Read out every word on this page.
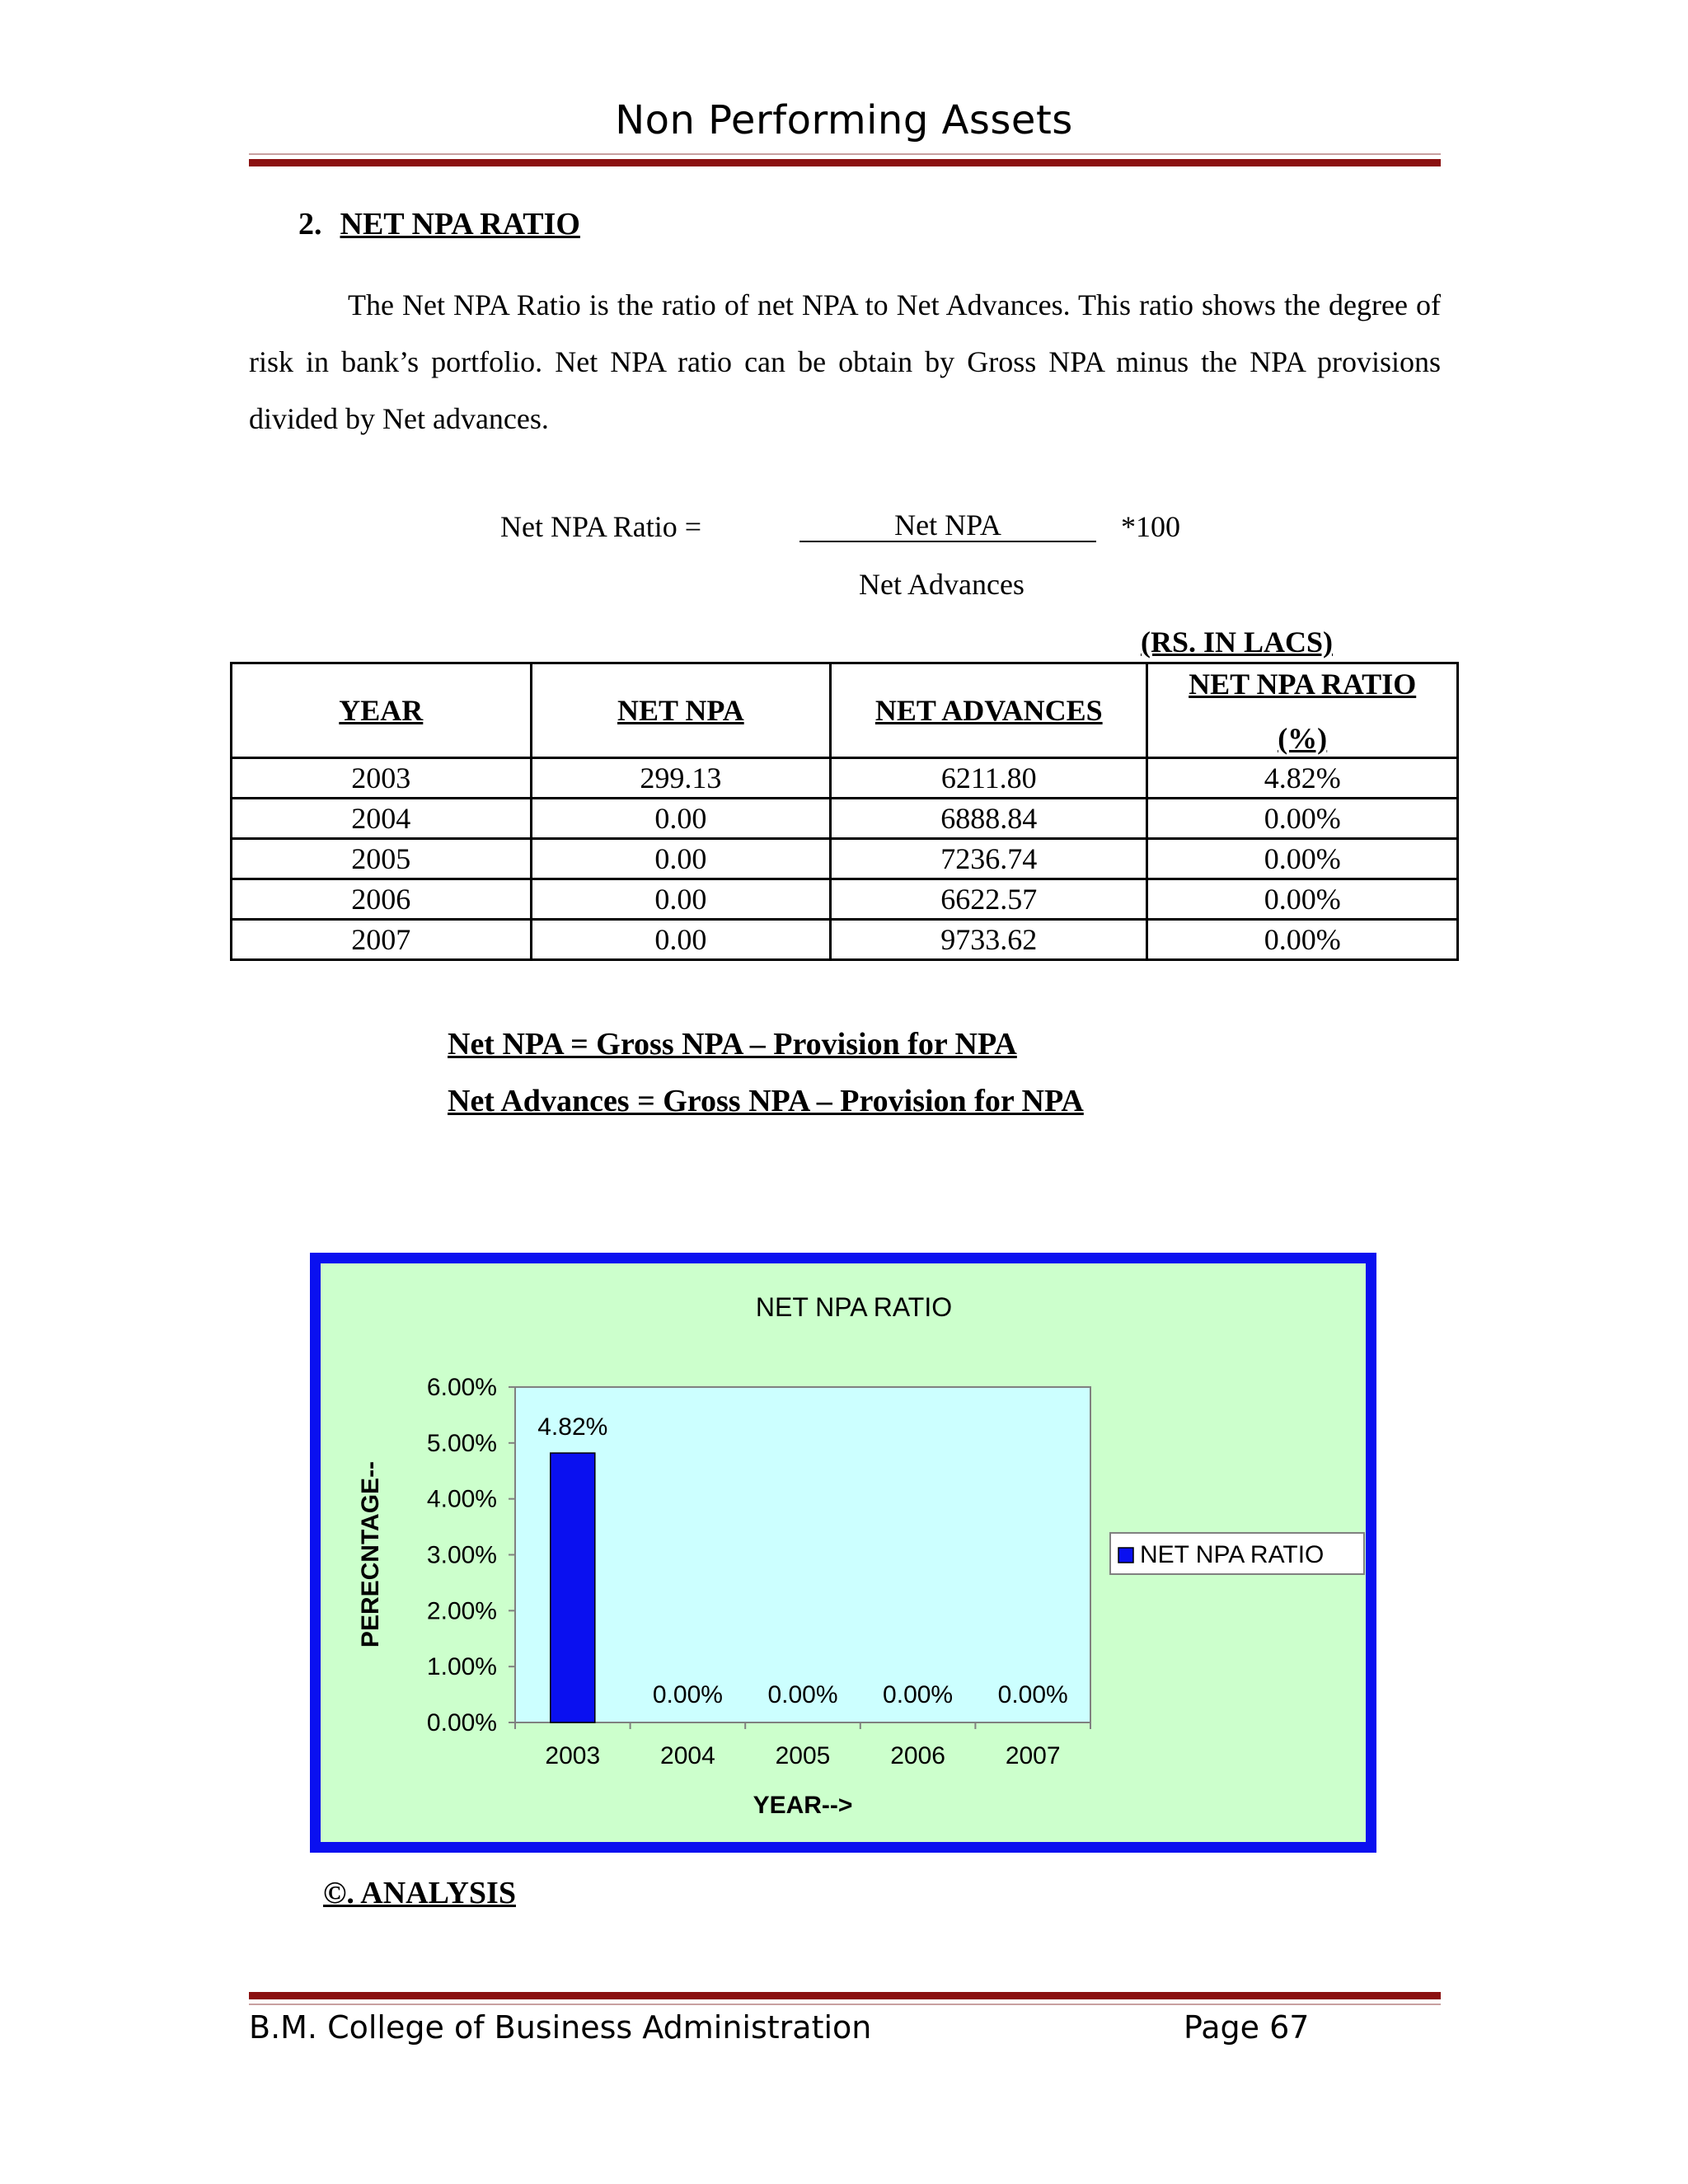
Non Performing Assets
2. NET NPA RATIO

The Net NPA Ratio is the ratio of net NPA to Net Advances. This ratio shows the degree of risk in bank’s portfolio. Net NPA ratio can be obtain by Gross NPA minus the NPA provisions divided by Net advances.

Net NPA Ratio =	Net NPA	*100
Net Advances
(RS. IN LACS)
YEAR	NET NPA	NET ADVANCES	NET NPA RATIO
(%)

2003	299.13	6211.80	4.82%
2004	0.00	6888.84	0.00%
2005	0.00	7236.74	0.00%
2006	0.00	6622.57	0.00%
2007	0.00	9733.62	0.00%
Net NPA = Gross NPA – Provision for NPA
Net Advances = Gross NPA – Provision for NPA
NET NPA RATIO
0.00%
1.00%
2.00%
3.00%
4.00%
5.00%
6.00%
2003 2004 2005 2006 2007
4.82%
0.00% 0.00% 0.00% 0.00%
YEAR-->
PERECNTAGE--	NET NPA RATIO
©. ANALYSIS
B.M. College of Business Administration	Page 67
